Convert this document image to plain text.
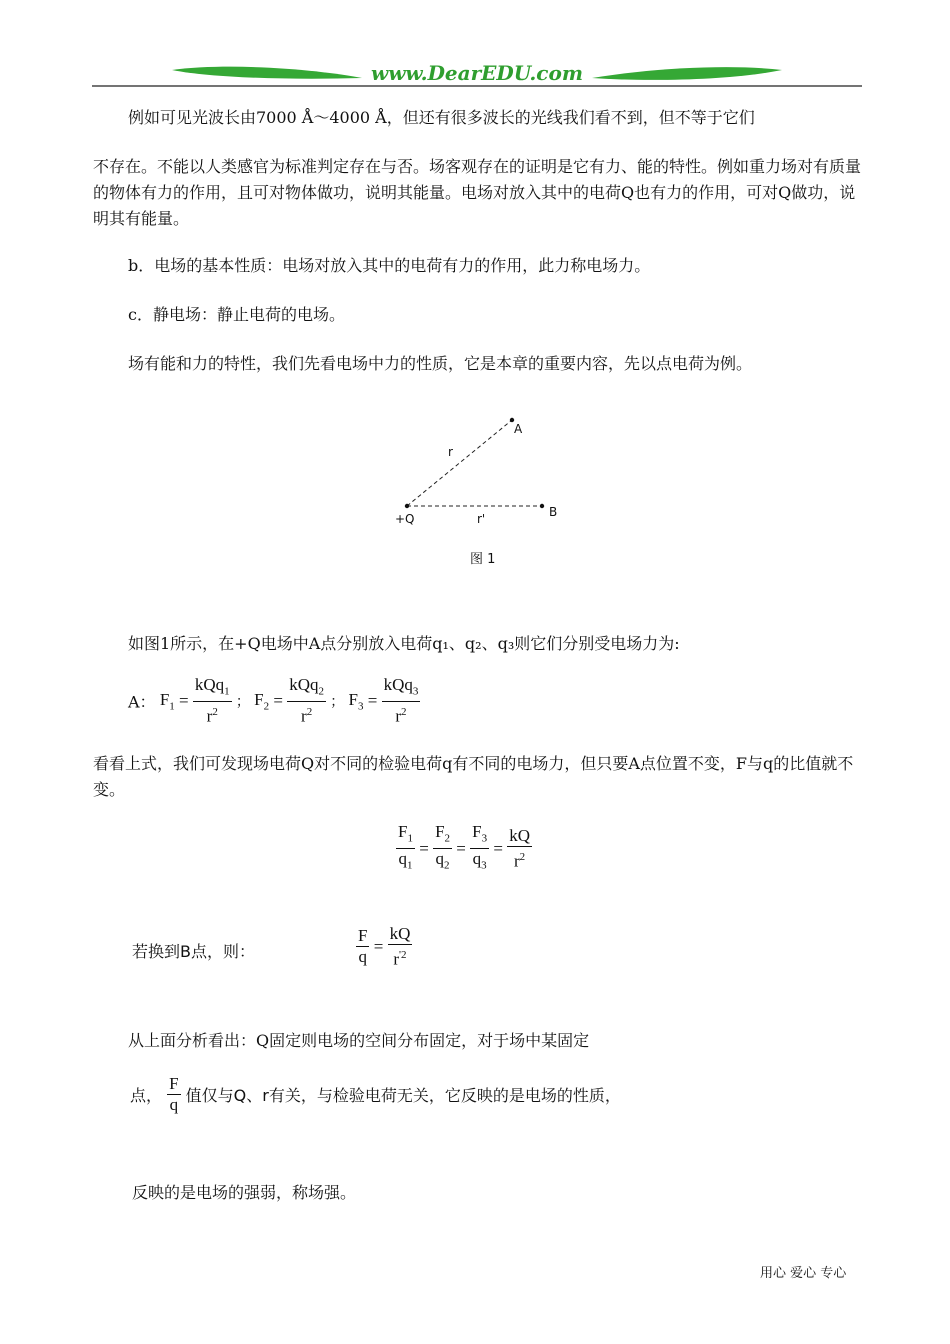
www.DearEDU.com
例如可见光波长由7000 Å～4000 Å，但还有很多波长的光线我们看不到，但不等于它们
不存在。不能以人类感官为标准判定存在与否。场客观存在的证明是它有力、能的特性。例如重力场对有质量的物体有力的作用，且可对物体做功，说明其能量。电场对放入其中的电荷Q也有力的作用，可对Q做功，说明其有能量。
b．电场的基本性质：电场对放入其中的电荷有力的作用，此力称电场力。
c．静电场：静止电荷的电场。
场有能和力的特性，我们先看电场中力的性质，它是本章的重要内容，先以点电荷为例。
A
r
B
+Q	r'
图 1
如图1所示，在+Q电场中A点分别放入电荷q₁、q₂、q₃则它们分别受电场力为:
A： $F_1 = \frac{kQq_1}{r^2}$ ； $F_2 = \frac{kQq_2}{r^2}$ ； $F_3 = \frac{kQq_3}{r^2}$
看看上式，我们可发现场电荷Q对不同的检验电荷q有不同的电场力，但只要A点位置不变，F与q的比值就不变。
$\frac{F_1}{q_1} = \frac{F_2}{q_2} = \frac{F_3}{q_3} = \frac{kQ}{r^2}$
若换到B点，则：	$\frac{F}{q} = \frac{kQ}{r^{'2}}$
从上面分析看出：Q固定则电场的空间分布固定，对于场中某固定
点， $\frac{F}{q}$ 值仅与Q、r有关，与检验电荷无关，它反映的是电场的性质，
反映的是电场的强弱，称场强。
用心 爱心 专心
